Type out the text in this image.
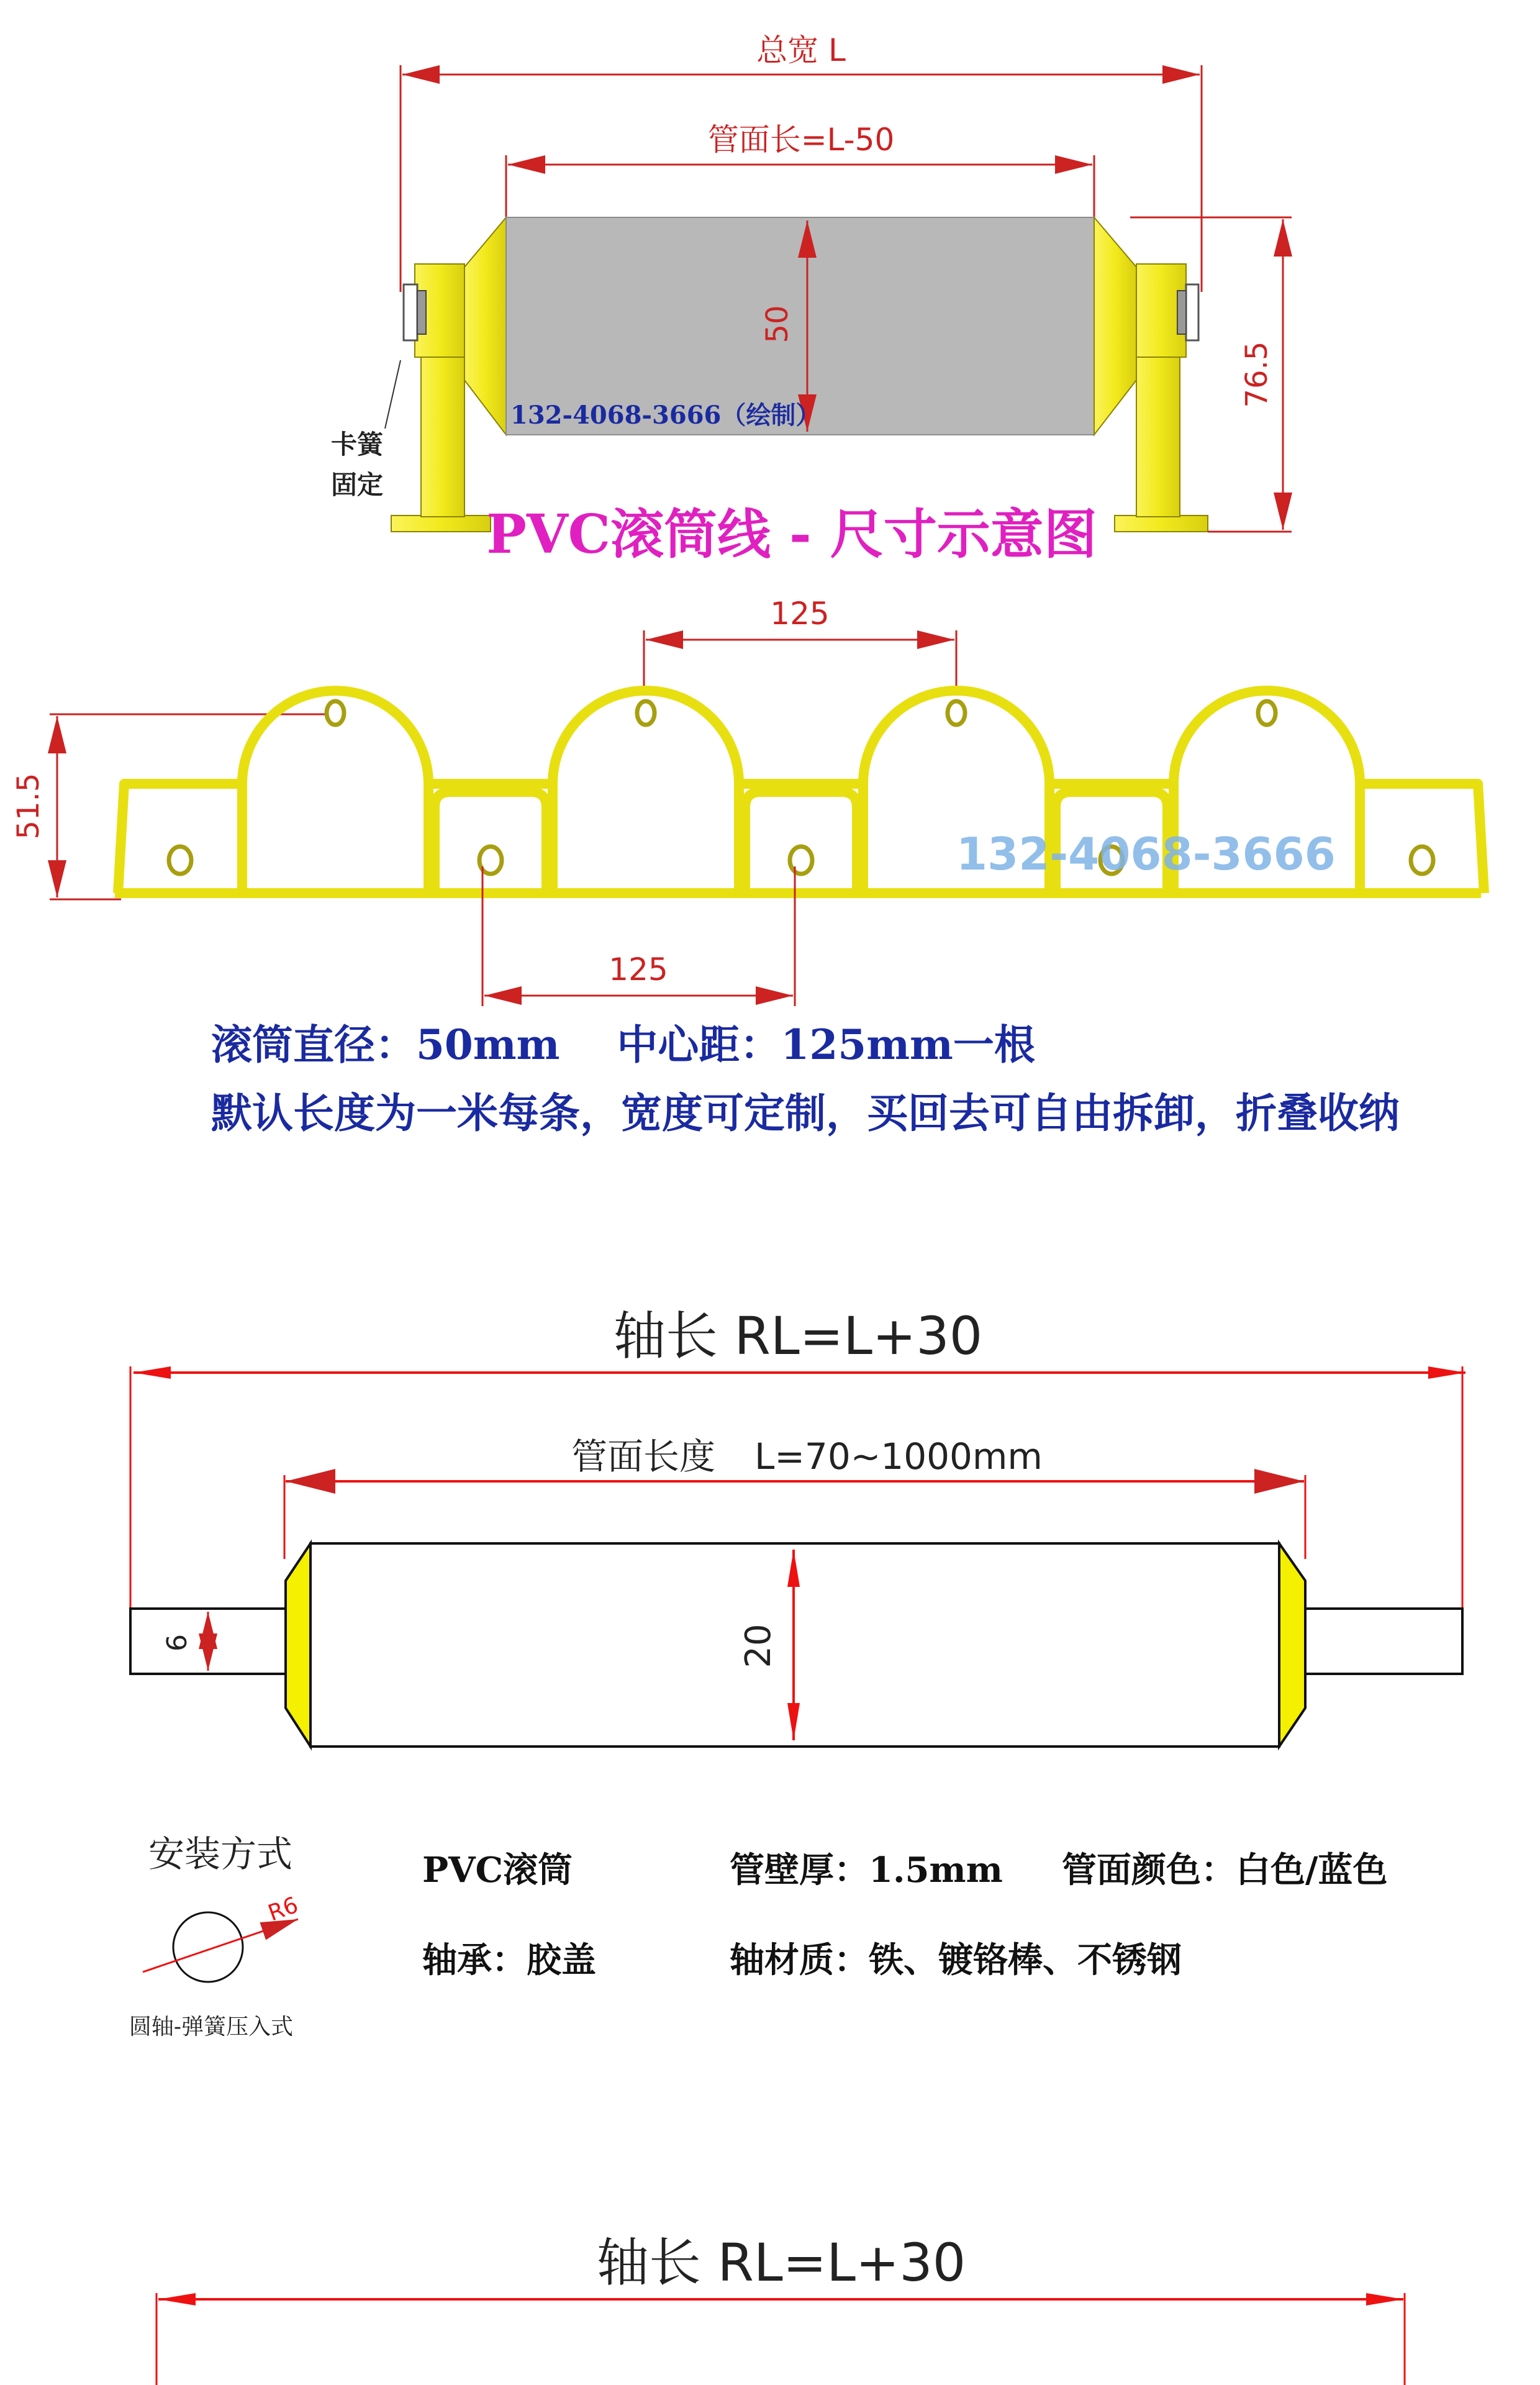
总宽 L
管面长=L-50
50
76.5
132-4068-3666（绘制）
卡簧
固定
PVC滚筒线 - 尺寸示意图
125
51.5
132-4068-3666
125
滚筒直径：50mm    中心距：125mm一根
默认长度为一米每条，宽度可定制，买回去可自由拆卸，折叠收纳
轴长 RL=L+30
管面长度 L=70~1000mm
6	20
安装方式
R6
圆轴-弹簧压入式
PVC滚筒	管壁厚：1.5mm 管面颜色：白色/蓝色
轴承：胶盖	轴材质：铁、镀铬棒、不锈钢
轴长 RL=L+30
